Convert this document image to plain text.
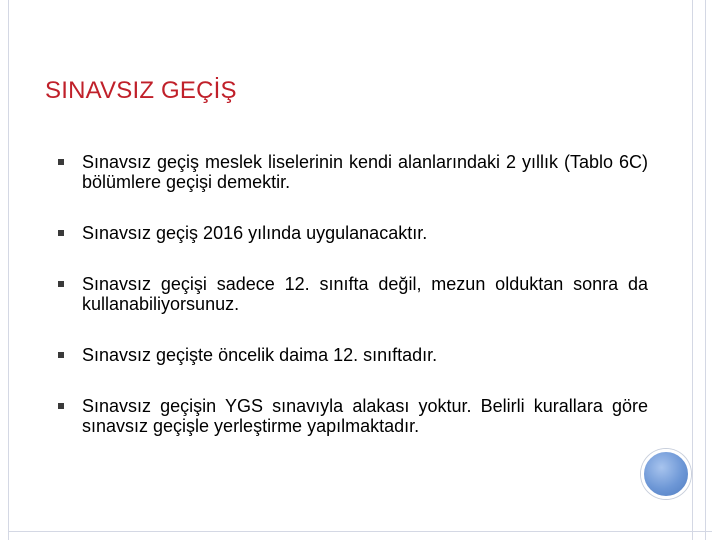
SINAVSIZ GEÇİŞ
Sınavsız geçiş meslek liselerinin kendi alanlarındaki 2 yıllık (Tablo 6C) bölümlere geçişi demektir.
Sınavsız geçiş 2016 yılında uygulanacaktır.
Sınavsız geçişi sadece 12. sınıfta değil, mezun olduktan sonra da kullanabiliyorsunuz.
Sınavsız geçişte öncelik daima 12. sınıftadır.
Sınavsız geçişin YGS sınavıyla alakası yoktur. Belirli kurallara göre sınavsız geçişle yerleştirme yapılmaktadır.
